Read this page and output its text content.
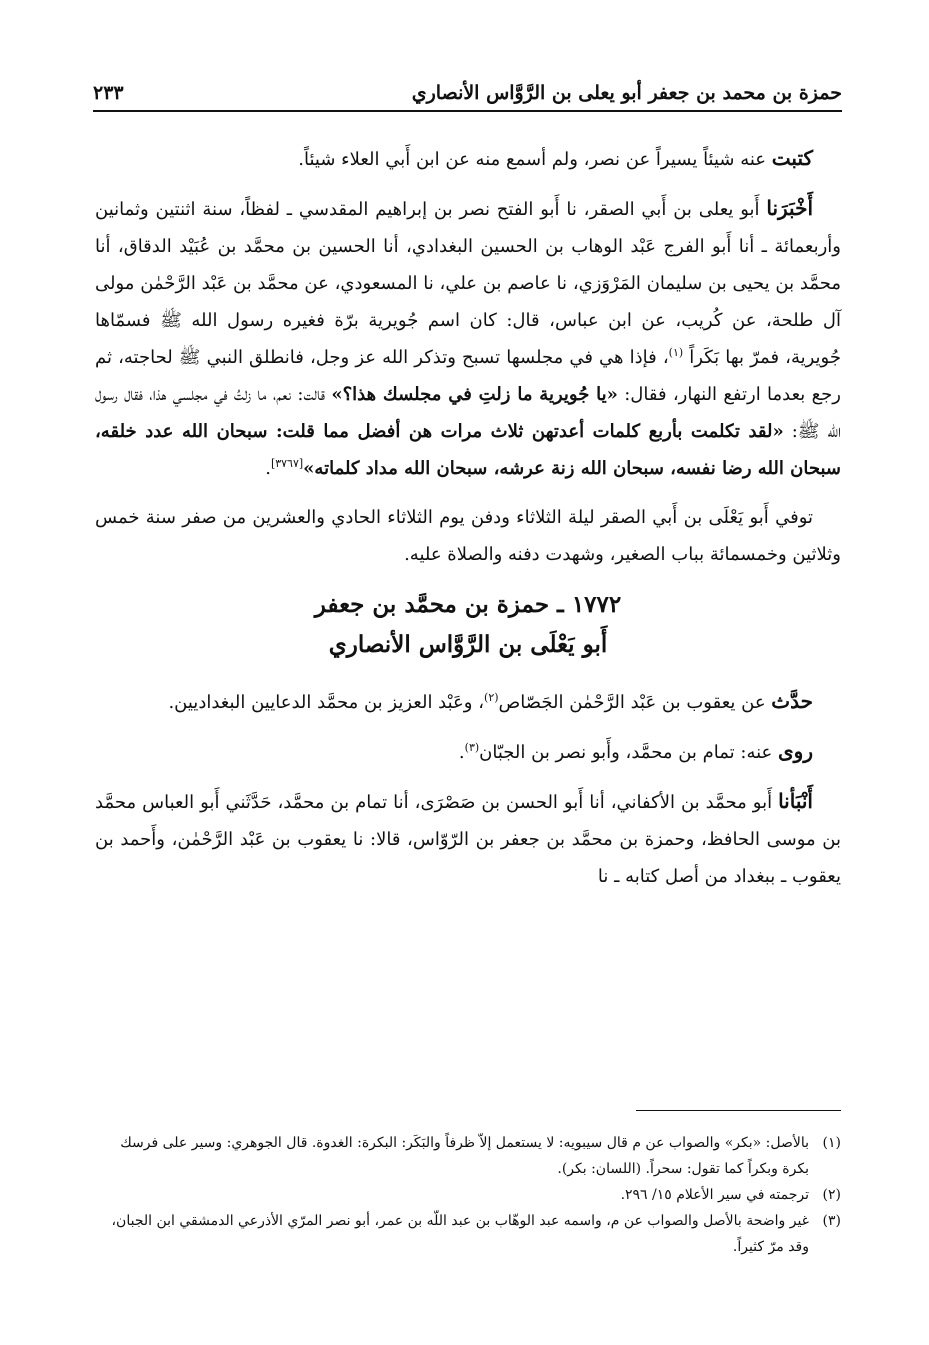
حمزة بن محمد بن جعفر أبو يعلى بن الرَّوَّاس الأنصاري
٢٣٣

كتبت عنه شيئاً يسيراً عن نصر، ولم أسمع منه عن ابن أَبي العلاء شيئاً.

أَخْبَرَنا أَبو يعلى بن أَبي الصقر، نا أَبو الفتح نصر بن إبراهيم المقدسي ـ لفظاً، سنة اثنتين وثمانين وأربعمائة ـ أنا أَبو الفرج عَبْد الوهاب بن الحسين البغدادي، أنا الحسين بن محمَّد بن عُبَيْد الدقاق، أنا محمَّد بن يحيى بن سليمان المَرْوَزي، نا عاصم بن علي، نا المسعودي، عن محمَّد بن عَبْد الرَّحْمٰن مولى آل طلحة، عن كُريب، عن ابن عباس، قال: كان اسم جُويرية برّة فغيره رسول الله ﷺ فسمّاها جُويرية، فمرّ بها بَكَراً $^{(١)}$، فإذا هي في مجلسها تسبح وتذكر الله عز وجل، فانطلق النبي ﷺ لحاجته، ثم رجع بعدما ارتفع النهار، فقال: «يا جُويرية ما زلتِ في مجلسك هذا؟» قالت: نعم، ما زلتُ في مجلسي هذا، فقال رسول الله ﷺ: «لقد تكلمت بأربع كلمات أعدتهن ثلاث مرات هن أفضل مما قلت: سبحان الله عدد خلقه، سبحان الله رضا نفسه، سبحان الله زنة عرشه، سبحان الله مداد كلماته»[٣٧٦٧].

توفي أَبو يَعْلَى بن أَبي الصقر ليلة الثلاثاء ودفن يوم الثلاثاء الحادي والعشرين من صفر سنة خمس وثلاثين وخمسمائة بباب الصغير، وشهدت دفنه والصلاة عليه.

١٧٧٢ ـ حمزة بن محمَّد بن جعفر
أَبو يَعْلَى بن الرَّوَّاس الأنصاري

حدَّث عن يعقوب بن عَبْد الرَّحْمٰن الجَصّاص$^{(٢)}$، وعَبْد العزيز بن محمَّد الدعايين البغداديين.

روى عنه: تمام بن محمَّد، وأَبو نصر بن الجبّان$^{(٣)}$.

أَنْبَأنا أَبو محمَّد بن الأكفاني، أنا أَبو الحسن بن صَصْرَى، أنا تمام بن محمَّد، حَدَّثَني أَبو العباس محمَّد بن موسى الحافظ، وحمزة بن محمَّد بن جعفر بن الرّوّاس، قالا: نا يعقوب بن عَبْد الرَّحْمٰن، وأَحمد بن يعقوب ـ ببغداد من أصل كتابه ـ نا

(١)
بالأصل: «بكر» والصواب عن م قال سيبويه: لا يستعمل إلاّ ظرفاً والبَكَر: البكرة: الغدوة. قال الجوهري: وسير على فرسك بكرة وبكراً كما تقول: سحراً. (اللسان: بكر).
(٢)
ترجمته في سير الأعلام ١٥/ ٢٩٦.
(٣)
غير واضحة بالأصل والصواب عن م، واسمه عبد الوهّاب بن عبد اللّه بن عمر، أبو نصر المرّي الأذرعي الدمشقي ابن الجبان، وقد مرّ كثيراً.
